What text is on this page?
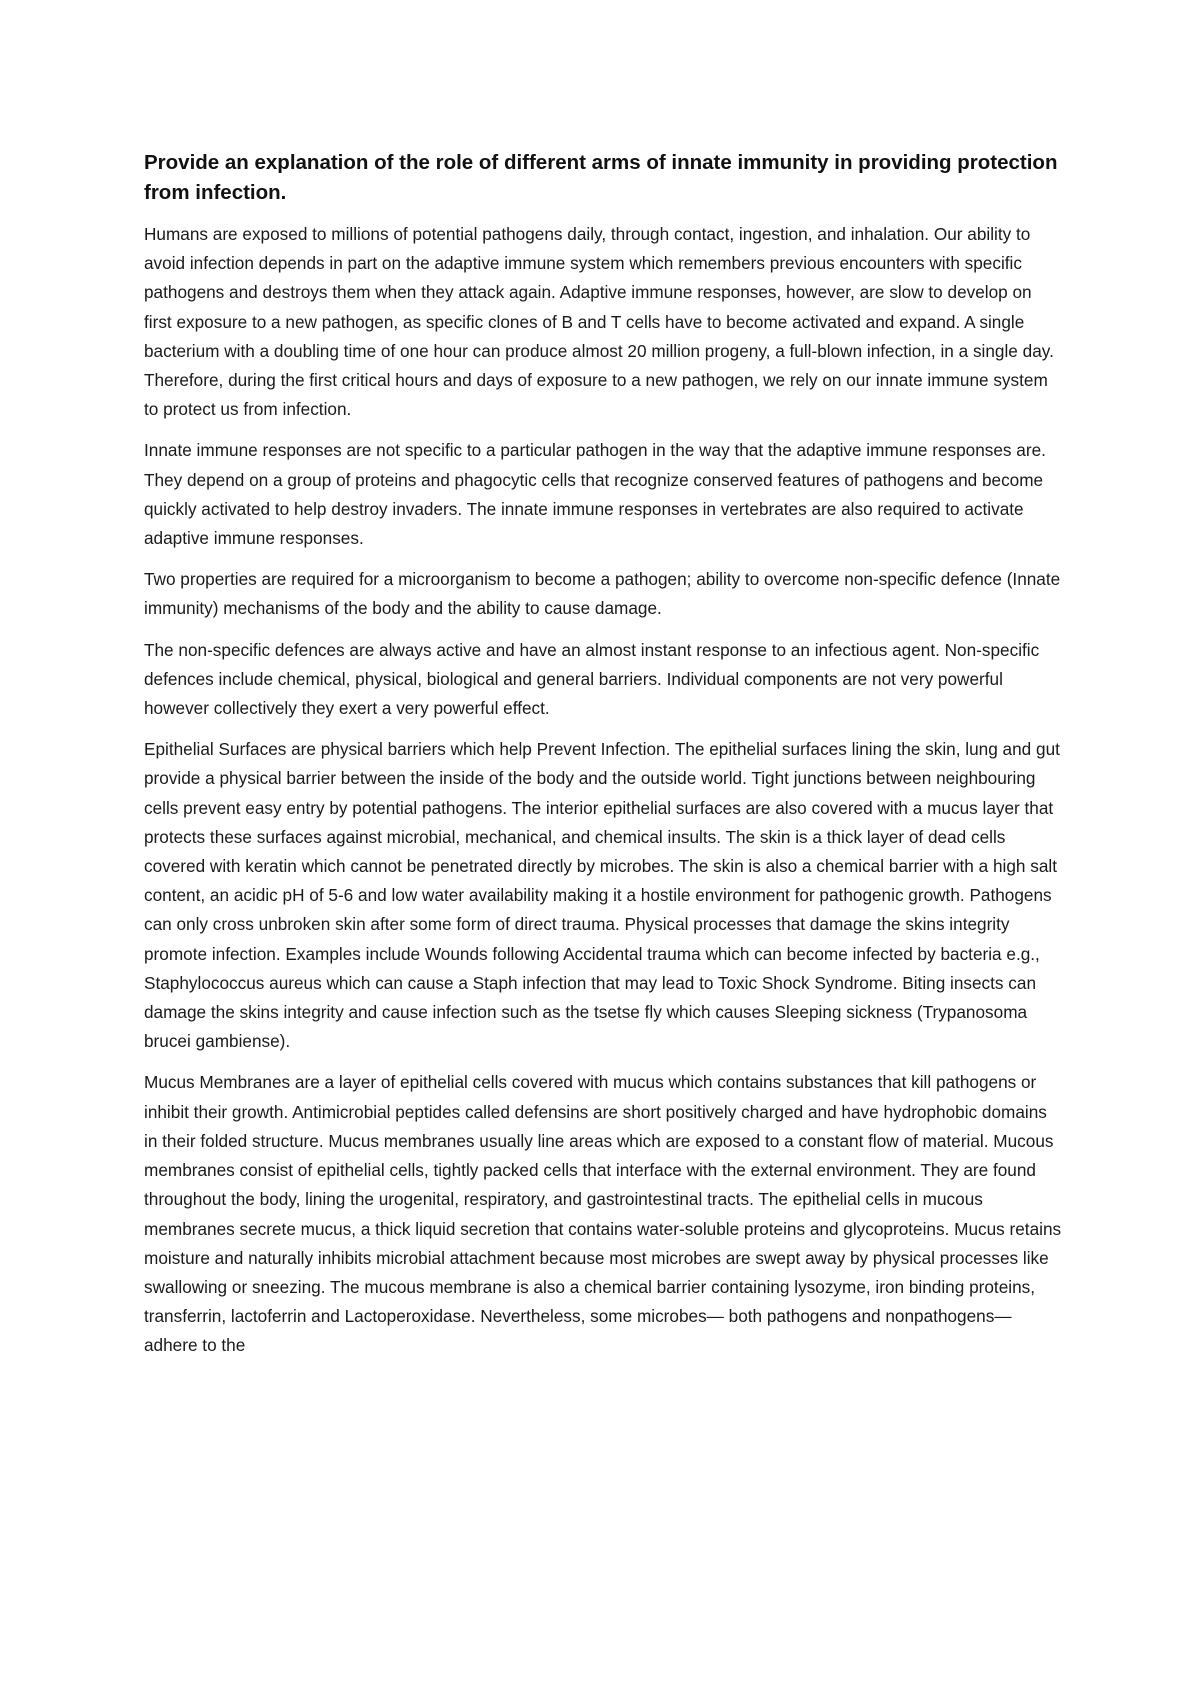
Provide an explanation of the role of different arms of innate immunity in providing protection from infection.

Humans are exposed to millions of potential pathogens daily, through contact, ingestion, and inhalation. Our ability to avoid infection depends in part on the adaptive immune system which remembers previous encounters with specific pathogens and destroys them when they attack again. Adaptive immune responses, however, are slow to develop on first exposure to a new pathogen, as specific clones of B and T cells have to become activated and expand. A single bacterium with a doubling time of one hour can produce almost 20 million progeny, a full-blown infection, in a single day. Therefore, during the first critical hours and days of exposure to a new pathogen, we rely on our innate immune system to protect us from infection.

Innate immune responses are not specific to a particular pathogen in the way that the adaptive immune responses are. They depend on a group of proteins and phagocytic cells that recognize conserved features of pathogens and become quickly activated to help destroy invaders. The innate immune responses in vertebrates are also required to activate adaptive immune responses.

Two properties are required for a microorganism to become a pathogen; ability to overcome non-specific defence (Innate immunity) mechanisms of the body and the ability to cause damage.

The non-specific defences are always active and have an almost instant response to an infectious agent. Non-specific defences include chemical, physical, biological and general barriers. Individual components are not very powerful however collectively they exert a very powerful effect.

Epithelial Surfaces are physical barriers which help Prevent Infection. The epithelial surfaces lining the skin, lung and gut provide a physical barrier between the inside of the body and the outside world. Tight junctions between neighbouring cells prevent easy entry by potential pathogens. The interior epithelial surfaces are also covered with a mucus layer that protects these surfaces against microbial, mechanical, and chemical insults. The skin is a thick layer of dead cells covered with keratin which cannot be penetrated directly by microbes. The skin is also a chemical barrier with a high salt content, an acidic pH of 5-6 and low water availability making it a hostile environment for pathogenic growth. Pathogens can only cross unbroken skin after some form of direct trauma. Physical processes that damage the skins integrity promote infection. Examples include Wounds following Accidental trauma which can become infected by bacteria e.g., Staphylococcus aureus which can cause a Staph infection that may lead to Toxic Shock Syndrome. Biting insects can damage the skins integrity and cause infection such as the tsetse fly which causes Sleeping sickness (Trypanosoma brucei gambiense).

Mucus Membranes are a layer of epithelial cells covered with mucus which contains substances that kill pathogens or inhibit their growth. Antimicrobial peptides called defensins are short positively charged and have hydrophobic domains in their folded structure. Mucus membranes usually line areas which are exposed to a constant flow of material. Mucous membranes consist of epithelial cells, tightly packed cells that interface with the external environment. They are found throughout the body, lining the urogenital, respiratory, and gastrointestinal tracts. The epithelial cells in mucous membranes secrete mucus, a thick liquid secretion that contains water-soluble proteins and glycoproteins. Mucus retains moisture and naturally inhibits microbial attachment because most microbes are swept away by physical processes like swallowing or sneezing. The mucous membrane is also a chemical barrier containing lysozyme, iron binding proteins, transferrin, lactoferrin and Lactoperoxidase. Nevertheless, some microbes— both pathogens and nonpathogens— adhere to the
